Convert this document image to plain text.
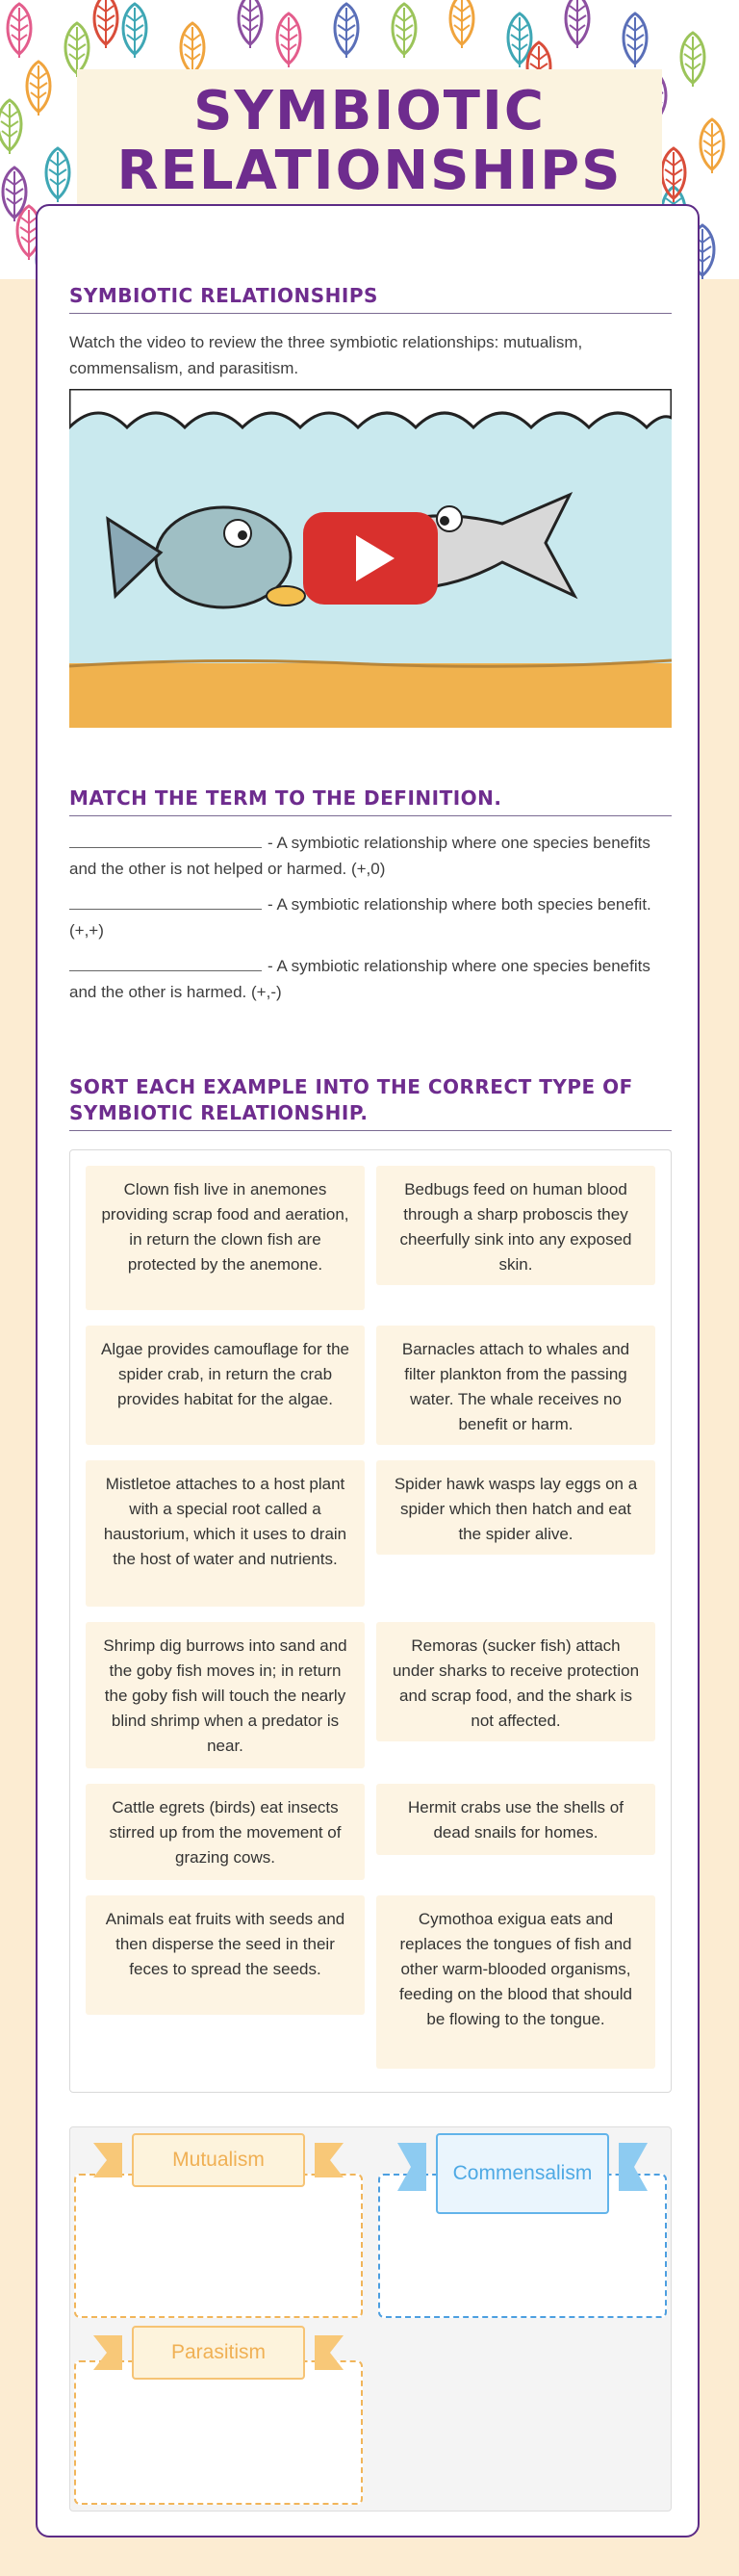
SYMBIOTIC
RELATIONSHIPS
SYMBIOTIC RELATIONSHIPS
Watch the video to review the three symbiotic relationships: mutualism, commensalism, and parasitism.
MATCH THE TERM TO THE DEFINITION.
- A symbiotic relationship where one species benefits and the other is not helped or harmed. (+,0)
- A symbiotic relationship where both species benefit. (+,+)
- A symbiotic relationship where one species benefits and the other is harmed. (+,-)
SORT EACH EXAMPLE INTO THE CORRECT TYPE OF SYMBIOTIC RELATIONSHIP.
Clown fish live in anemones providing scrap food and aeration, in return the clown fish are protected by the anemone.
Bedbugs feed on human blood through a sharp proboscis they cheerfully sink into any exposed skin.
Algae provides camouflage for the spider crab, in return the crab provides habitat for the algae.
Barnacles attach to whales and filter plankton from the passing water. The whale receives no benefit or harm.
Mistletoe attaches to a host plant with a special root called a haustorium, which it uses to drain the host of water and nutrients.
Spider hawk wasps lay eggs on a spider which then hatch and eat the spider alive.
Shrimp dig burrows into sand and the goby fish moves in; in return the goby fish will touch the nearly blind shrimp when a predator is near.
Remoras (sucker fish) attach under sharks to receive protection and scrap food, and the shark is not affected.
Cattle egrets (birds) eat insects stirred up from the movement of grazing cows.
Hermit crabs use the shells of dead snails for homes.
Animals eat fruits with seeds and then disperse the seed in their feces to spread the seeds.
Cymothoa exigua eats and replaces the tongues of fish and other warm-blooded organisms, feeding on the blood that should be flowing to the tongue.
Mutualism
Commensalism
Parasitism
